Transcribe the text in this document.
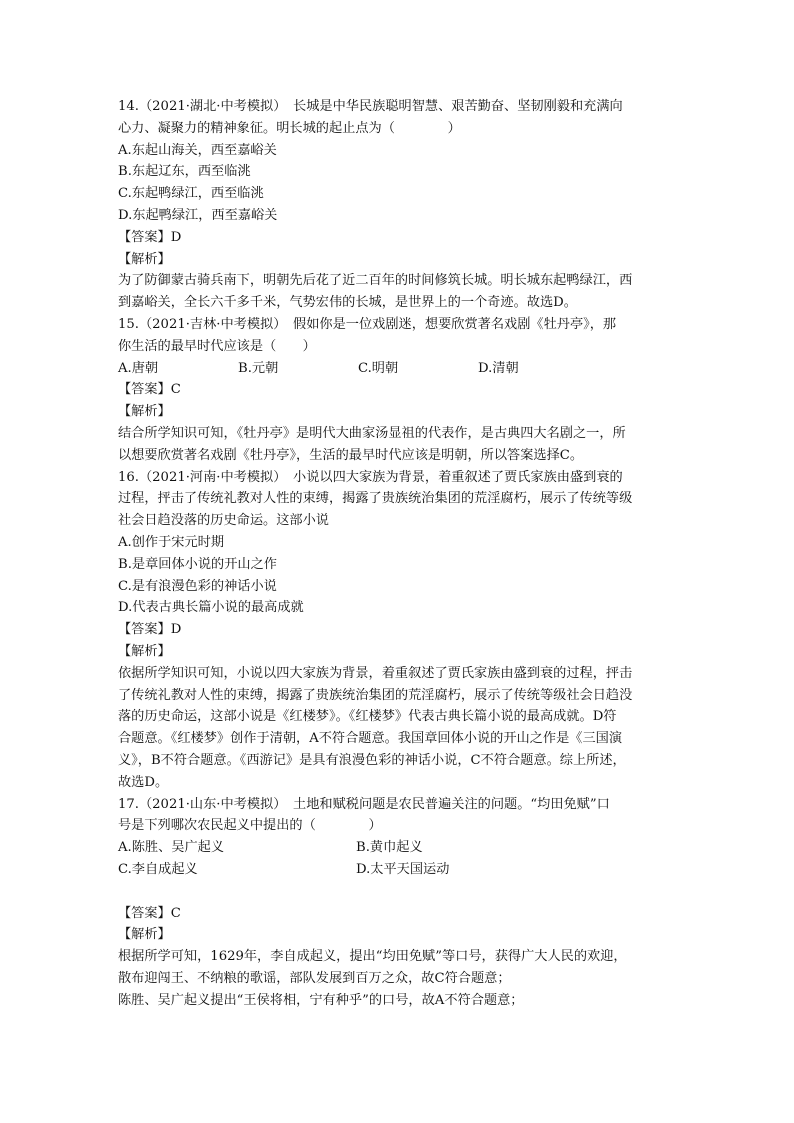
14.（2021·湖北·中考模拟）　长城是中华民族聪明智慧、艰苦勤奋、坚韧刚毅和充满向
心力、凝聚力的精神象征。明长城的起止点为（　　　　）
A.东起山海关，西至嘉峪关
B.东起辽东，西至临洮
C.东起鸭绿江，西至临洮
D.东起鸭绿江，西至嘉峪关
【答案】D
【解析】
为了防御蒙古骑兵南下，明朝先后花了近二百年的时间修筑长城。明长城东起鸭绿江，西
到嘉峪关，全长六千多千米，气势宏伟的长城，是世界上的一个奇迹。故选D。
15.（2021·吉林·中考模拟）　假如你是一位戏剧迷，想要欣赏著名戏剧《牡丹亭》，那
你生活的最早时代应该是（　　）
A.唐朝	B.元朝	C.明朝	D.清朝
【答案】C
【解析】
结合所学知识可知，《牡丹亭》是明代大曲家汤显祖的代表作，是古典四大名剧之一，所
以想要欣赏著名戏剧《牡丹亭》，生活的最早时代应该是明朝，所以答案选择C。
16.（2021·河南·中考模拟）　小说以四大家族为背景，着重叙述了贾氏家族由盛到衰的
过程，抨击了传统礼教对人性的束缚，揭露了贵族统治集团的荒淫腐朽，展示了传统等级
社会日趋没落的历史命运。这部小说
A.创作于宋元时期
B.是章回体小说的开山之作
C.是有浪漫色彩的神话小说
D.代表古典长篇小说的最高成就
【答案】D
【解析】
依据所学知识可知，小说以四大家族为背景，着重叙述了贾氏家族由盛到衰的过程，抨击
了传统礼教对人性的束缚，揭露了贵族统治集团的荒淫腐朽，展示了传统等级社会日趋没
落的历史命运，这部小说是《红楼梦》。《红楼梦》代表古典长篇小说的最高成就。D符
合题意。《红楼梦》创作于清朝，A不符合题意。我国章回体小说的开山之作是《三国演
义》，B不符合题意。《西游记》是具有浪漫色彩的神话小说，C不符合题意。综上所述，
故选D。
17.（2021·山东·中考模拟）　土地和赋税问题是农民普遍关注的问题。“均田免赋”口
号是下列哪次农民起义中提出的（　　　　）
A.陈胜、吴广起义	B.黄巾起义
C.李自成起义	D.太平天国运动
【答案】C
【解析】
根据所学可知，1629年，李自成起义，提出“均田免赋”等口号，获得广大人民的欢迎，
散布迎闯王、不纳粮的歌谣，部队发展到百万之众，故C符合题意；
陈胜、吴广起义提出“王侯将相，宁有种乎”的口号，故A不符合题意；
